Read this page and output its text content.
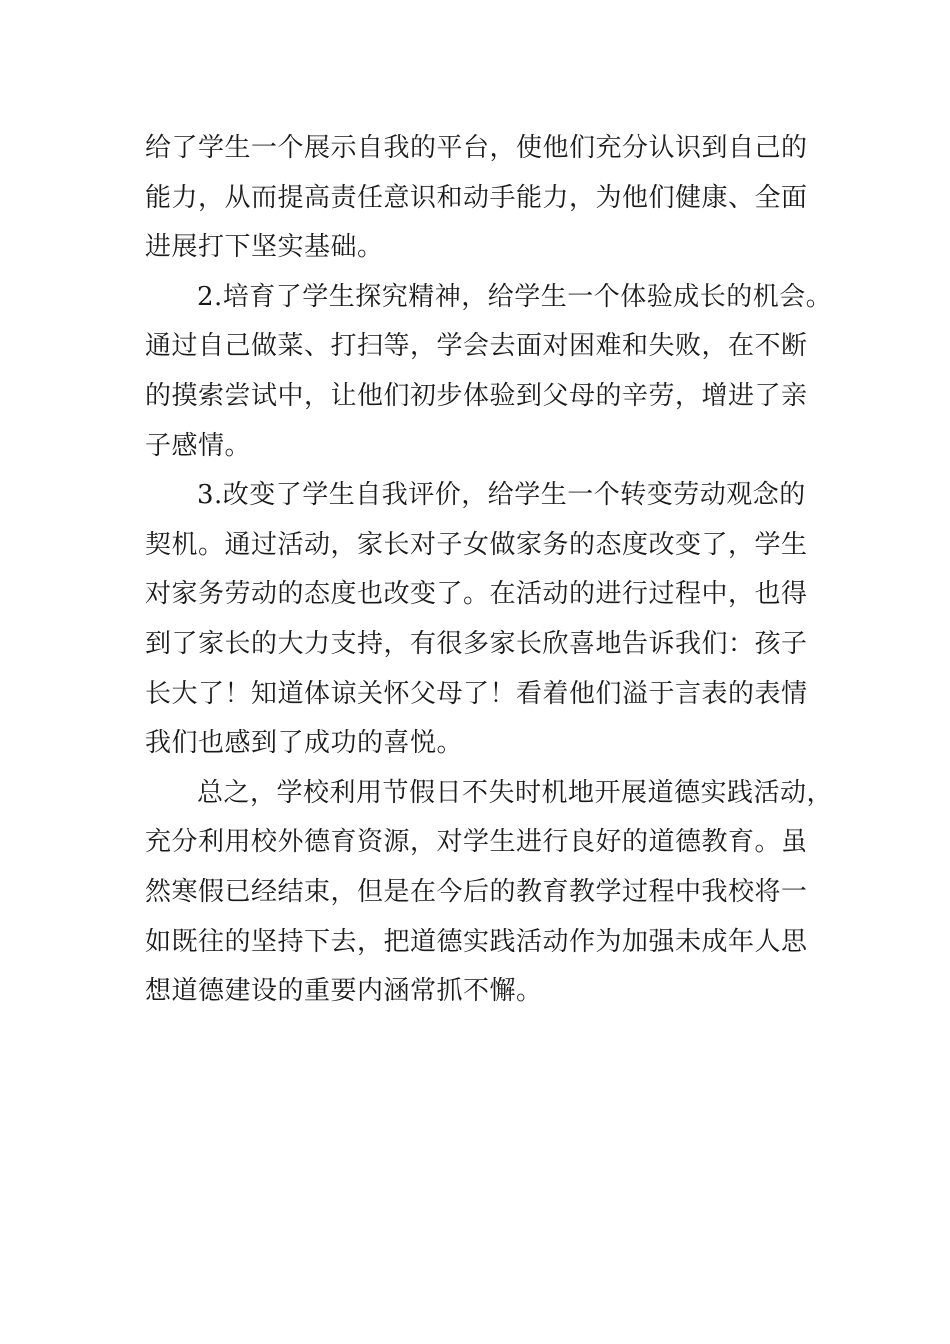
给了学生一个展示自我的平台，使他们充分认识到自己的
能力，从而提高责任意识和动手能力，为他们健康、全面
进展打下坚实基础。
2.培育了学生探究精神，给学生一个体验成长的机会。
通过自己做菜、打扫等，学会去面对困难和失败，在不断
的摸索尝试中，让他们初步体验到父母的辛劳，增进了亲
子感情。
3.改变了学生自我评价，给学生一个转变劳动观念的
契机。通过活动，家长对子女做家务的态度改变了，学生
对家务劳动的态度也改变了。在活动的进行过程中，也得
到了家长的大力支持，有很多家长欣喜地告诉我们：孩子
长大了！知道体谅关怀父母了！看着他们溢于言表的表情
我们也感到了成功的喜悦。
总之，学校利用节假日不失时机地开展道德实践活动，
充分利用校外德育资源，对学生进行良好的道德教育。虽
然寒假已经结束，但是在今后的教育教学过程中我校将一
如既往的坚持下去，把道德实践活动作为加强未成年人思
想道德建设的重要内涵常抓不懈。
